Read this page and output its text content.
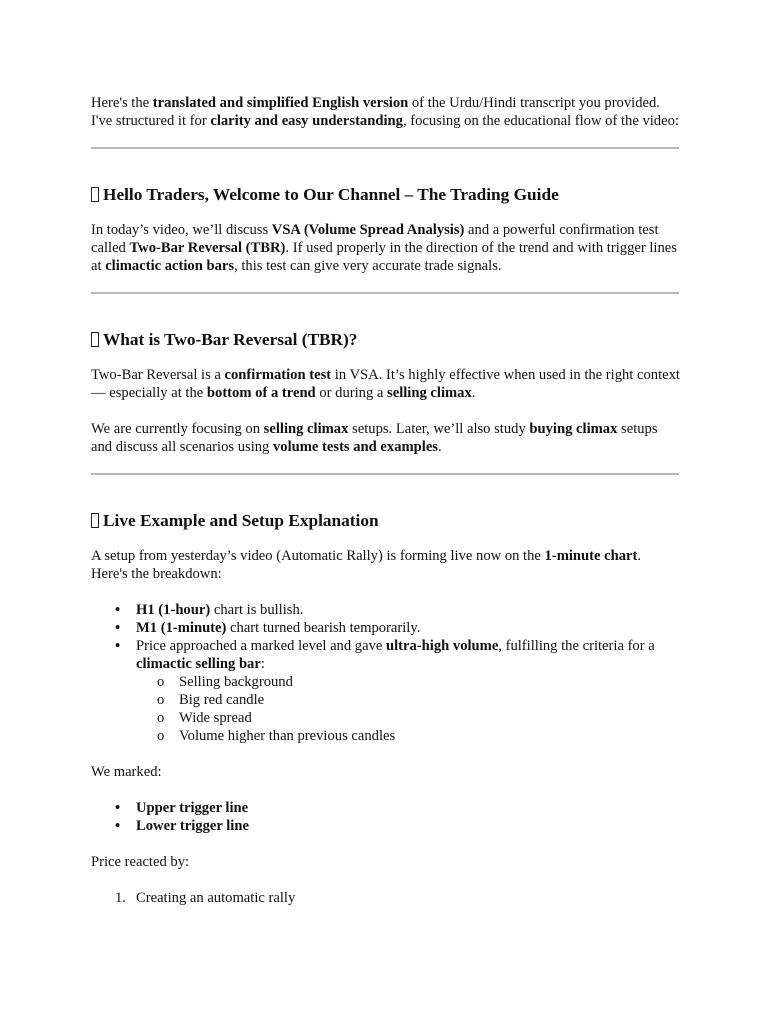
Here's the translated and simplified English version of the Urdu/Hindi transcript you provided. I've structured it for clarity and easy understanding, focusing on the educational flow of the video:

Hello Traders, Welcome to Our Channel – The Trading Guide

In today’s video, we’ll discuss VSA (Volume Spread Analysis) and a powerful confirmation test called Two-Bar Reversal (TBR). If used properly in the direction of the trend and with trigger lines at climactic action bars, this test can give very accurate trade signals.

What is Two-Bar Reversal (TBR)?

Two-Bar Reversal is a confirmation test in VSA. It’s highly effective when used in the right context — especially at the bottom of a trend or during a selling climax.

We are currently focusing on selling climax setups. Later, we’ll also study buying climax setups and discuss all scenarios using volume tests and examples.

Live Example and Setup Explanation

A setup from yesterday’s video (Automatic Rally) is forming live now on the 1-minute chart. Here's the breakdown:

• H1 (1-hour) chart is bullish.
• M1 (1-minute) chart turned bearish temporarily.
• Price approached a marked level and gave ultra-high volume, fulfilling the criteria for a climactic selling bar:
o Selling background
o Big red candle
o Wide spread
o Volume higher than previous candles

We marked:

• Upper trigger line
• Lower trigger line

Price reacted by:

1. Creating an automatic rally
